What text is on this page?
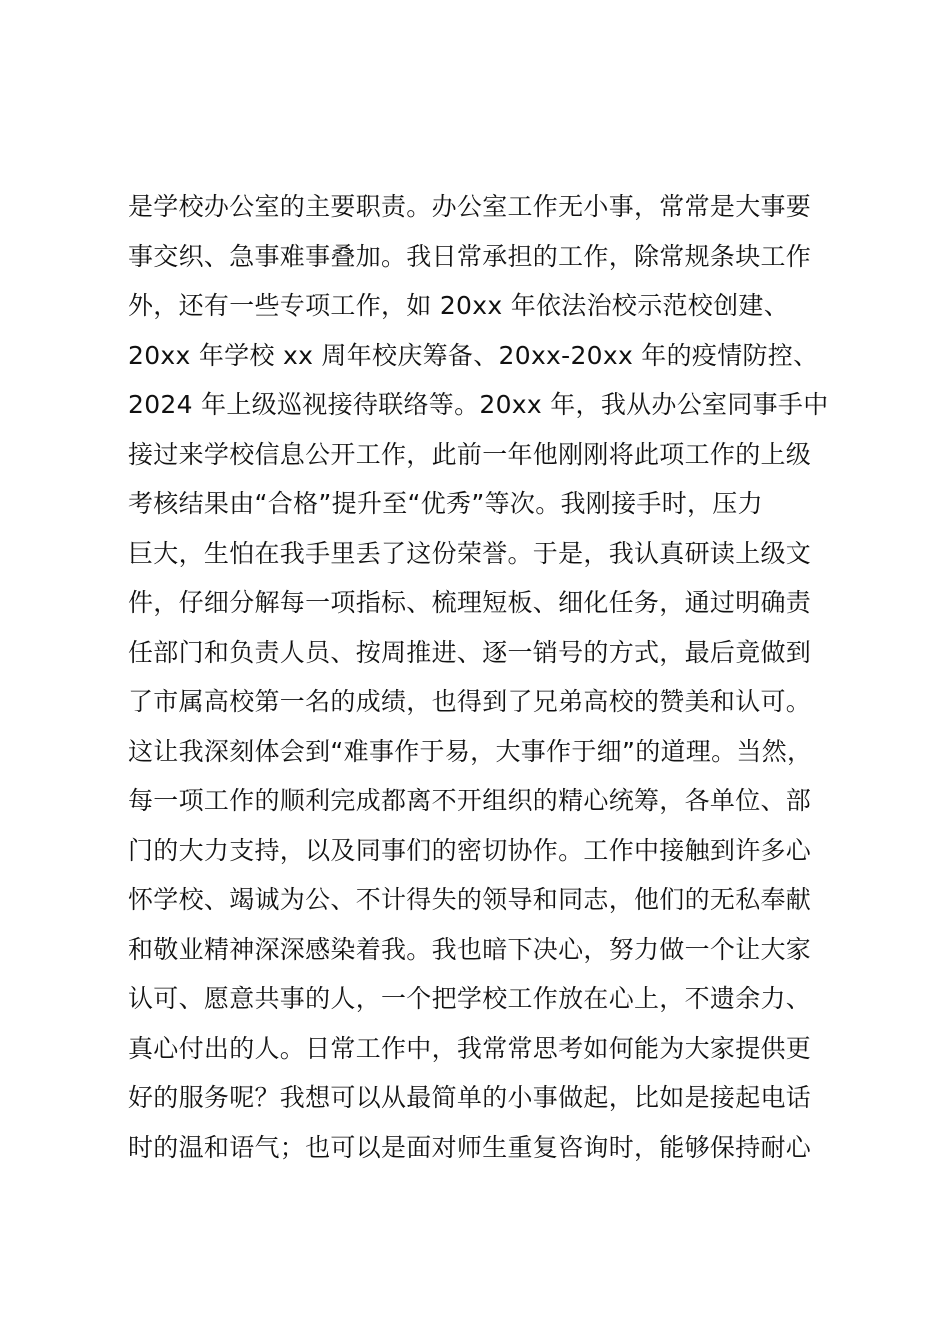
是学校办公室的主要职责。办公室工作无小事，常常是大事要
事交织、急事难事叠加。我日常承担的工作，除常规条块工作
外，还有一些专项工作，如 20xx 年依法治校示范校创建、
20xx 年学校 xx 周年校庆筹备、20xx-20xx 年的疫情防控、
2024 年上级巡视接待联络等。20xx 年，我从办公室同事手中
接过来学校信息公开工作，此前一年他刚刚将此项工作的上级
考核结果由“合格”提升至“优秀”等次。我刚接手时，压力
巨大，生怕在我手里丢了这份荣誉。于是，我认真研读上级文
件，仔细分解每一项指标、梳理短板、细化任务，通过明确责
任部门和负责人员、按周推进、逐一销号的方式，最后竟做到
了市属高校第一名的成绩，也得到了兄弟高校的赞美和认可。
这让我深刻体会到“难事作于易，大事作于细”的道理。当然，
每一项工作的顺利完成都离不开组织的精心统筹，各单位、部
门的大力支持，以及同事们的密切协作。工作中接触到许多心
怀学校、竭诚为公、不计得失的领导和同志，他们的无私奉献
和敬业精神深深感染着我。我也暗下决心，努力做一个让大家
认可、愿意共事的人，一个把学校工作放在心上，不遗余力、
真心付出的人。日常工作中，我常常思考如何能为大家提供更
好的服务呢？我想可以从最简单的小事做起，比如是接起电话
时的温和语气；也可以是面对师生重复咨询时，能够保持耐心
